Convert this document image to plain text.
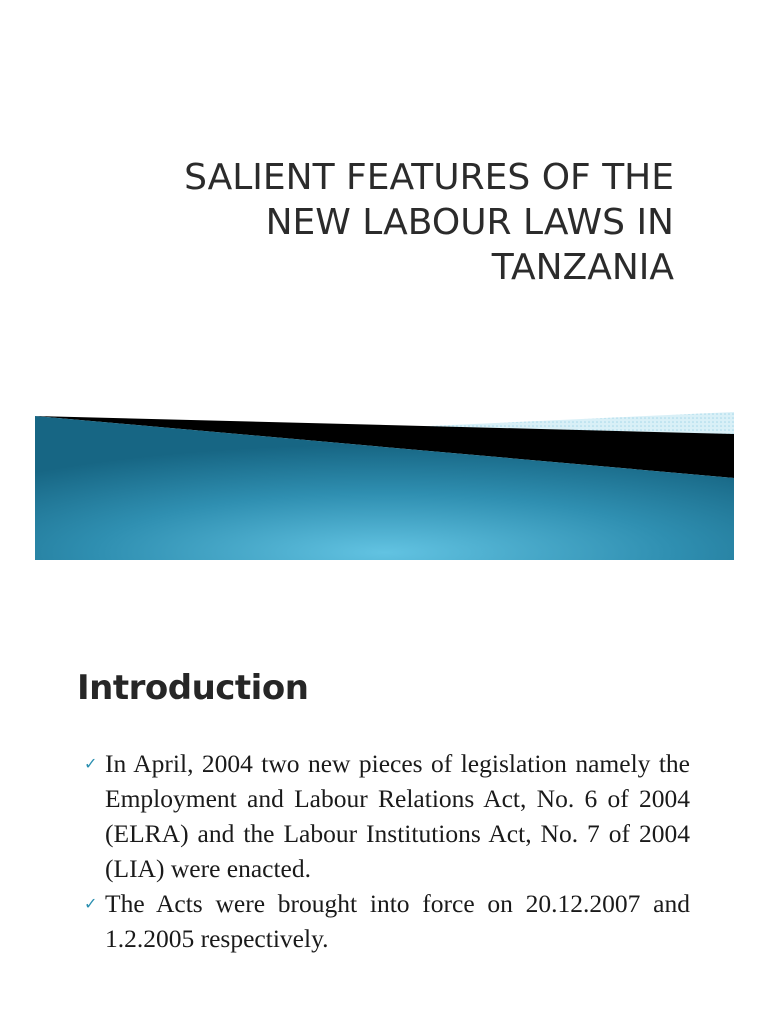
SALIENT FEATURES OF THE
NEW LABOUR LAWS IN
TANZANIA
Introduction
✓ In April, 2004 two new pieces of legislation namely the Employment and Labour Relations Act, No. 6 of 2004 (ELRA) and the Labour Institutions Act, No. 7 of 2004 (LIA) were enacted.
✓ The Acts were brought into force on 20.12.2007 and 1.2.2005 respectively.
